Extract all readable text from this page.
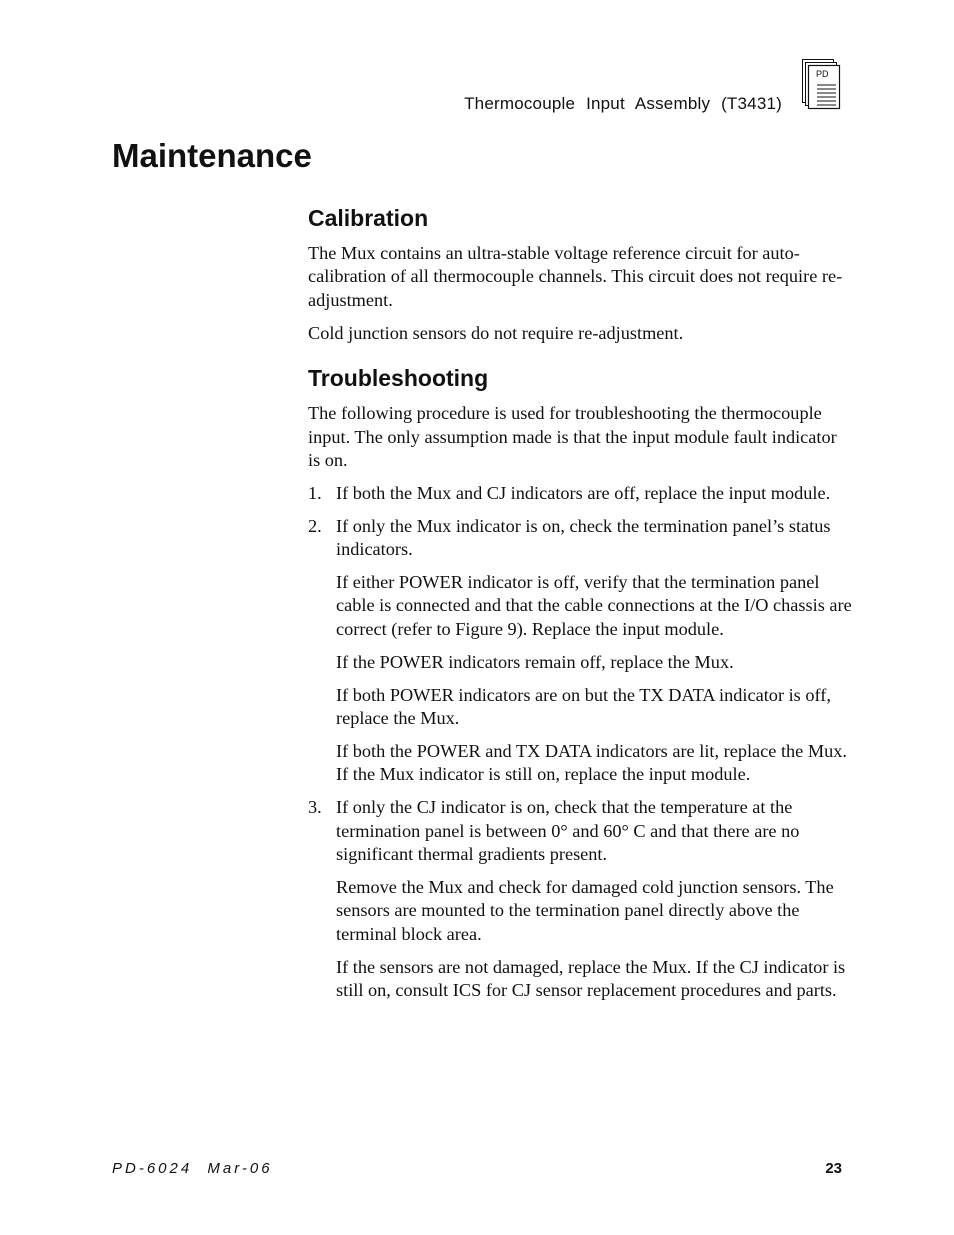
Thermocouple Input Assembly (T3431)
PD
Maintenance
Calibration

The Mux contains an ultra-stable voltage reference circuit for auto-calibration of all thermocouple channels. This circuit does not require re-adjustment.

Cold junction sensors do not require re-adjustment.

Troubleshooting

The following procedure is used for troubleshooting the thermocouple input. The only assumption made is that the input module fault indicator is on.

1. If both the Mux and CJ indicators are off, replace the input module.
2. If only the Mux indicator is on, check the termination panel’s status indicators.

If either POWER indicator is off, verify that the termination panel cable is connected and that the cable connections at the I/O chassis are correct (refer to Figure 9). Replace the input module.

If the POWER indicators remain off, replace the Mux.

If both POWER indicators are on but the TX DATA indicator is off, replace the Mux.

If both the POWER and TX DATA indicators are lit, replace the Mux. If the Mux indicator is still on, replace the input module.

3. If only the CJ indicator is on, check that the temperature at the termination panel is between 0° and 60° C and that there are no significant thermal gradients present.

Remove the Mux and check for damaged cold junction sensors. The sensors are mounted to the termination panel directly above the terminal block area.

If the sensors are not damaged, replace the Mux. If the CJ indicator is still on, consult ICS for CJ sensor replacement procedures and parts.

PD-6024 Mar-06	23
